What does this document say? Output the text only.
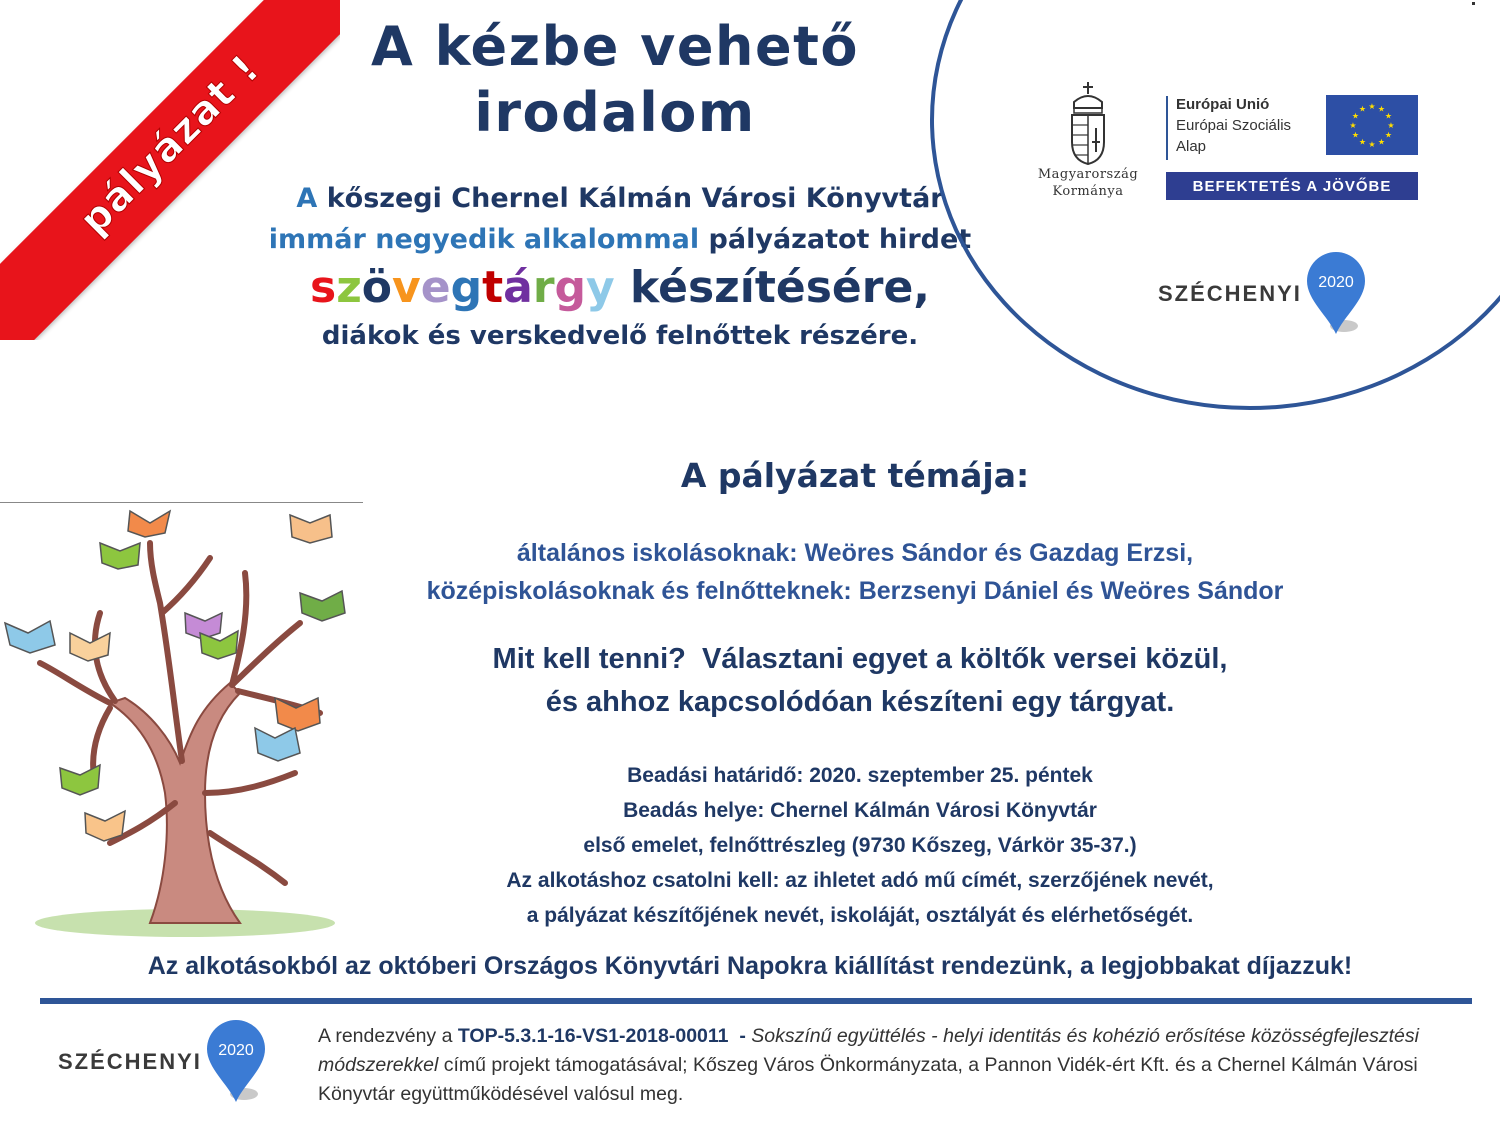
pályázat !	A kézbe vehető
irodalom
A kőszegi Chernel Kálmán Városi Könyvtár
immár negyedik alkalommal pályázatot hirdet
szövegtárgy készítésére,
diákok és verskedvelő felnőttek részére.
Magyarország
Kormánya
Európai Unió
Európai Szociális
Alap
★
★
★
★
★
★
★
★
★ ★ ★
★
BEFEKTETÉS A JÖVŐBE
SZÉCHENYI 2020
A pályázat témája:
általános iskolásoknak: Weöres Sándor és Gazdag Erzsi,
középiskolásoknak és felnőtteknek: Berzsenyi Dániel és Weöres Sándor
Mit kell tenni?  Választani egyet a költők versei közül,
és ahhoz kapcsolódóan készíteni egy tárgyat.
Beadási határidő: 2020. szeptember 25. péntek
Beadás helye: Chernel Kálmán Városi Könyvtár
első emelet, felnőttrészleg (9730 Kőszeg, Várkör 35-37.)
Az alkotáshoz csatolni kell: az ihletet adó mű címét, szerzőjének nevét,
a pályázat készítőjének nevét, iskoláját, osztályát és elérhetőségét.
Az alkotásokból az októberi Országos Könyvtári Napokra kiállítást rendezünk, a legjobbakat díjazzuk!
SZÉCHENYI 2020
A rendezvény a TOP-5.3.1-16-VS1-2018-00011  - Sokszínű együttélés - helyi identitás és kohézió erősítése közösségfejlesztési módszerekkel című projekt támogatásával; Kőszeg Város Önkormányzata, a Pannon Vidék-ért Kft. és a Chernel Kálmán Városi Könyvtár együttműködésével valósul meg.
